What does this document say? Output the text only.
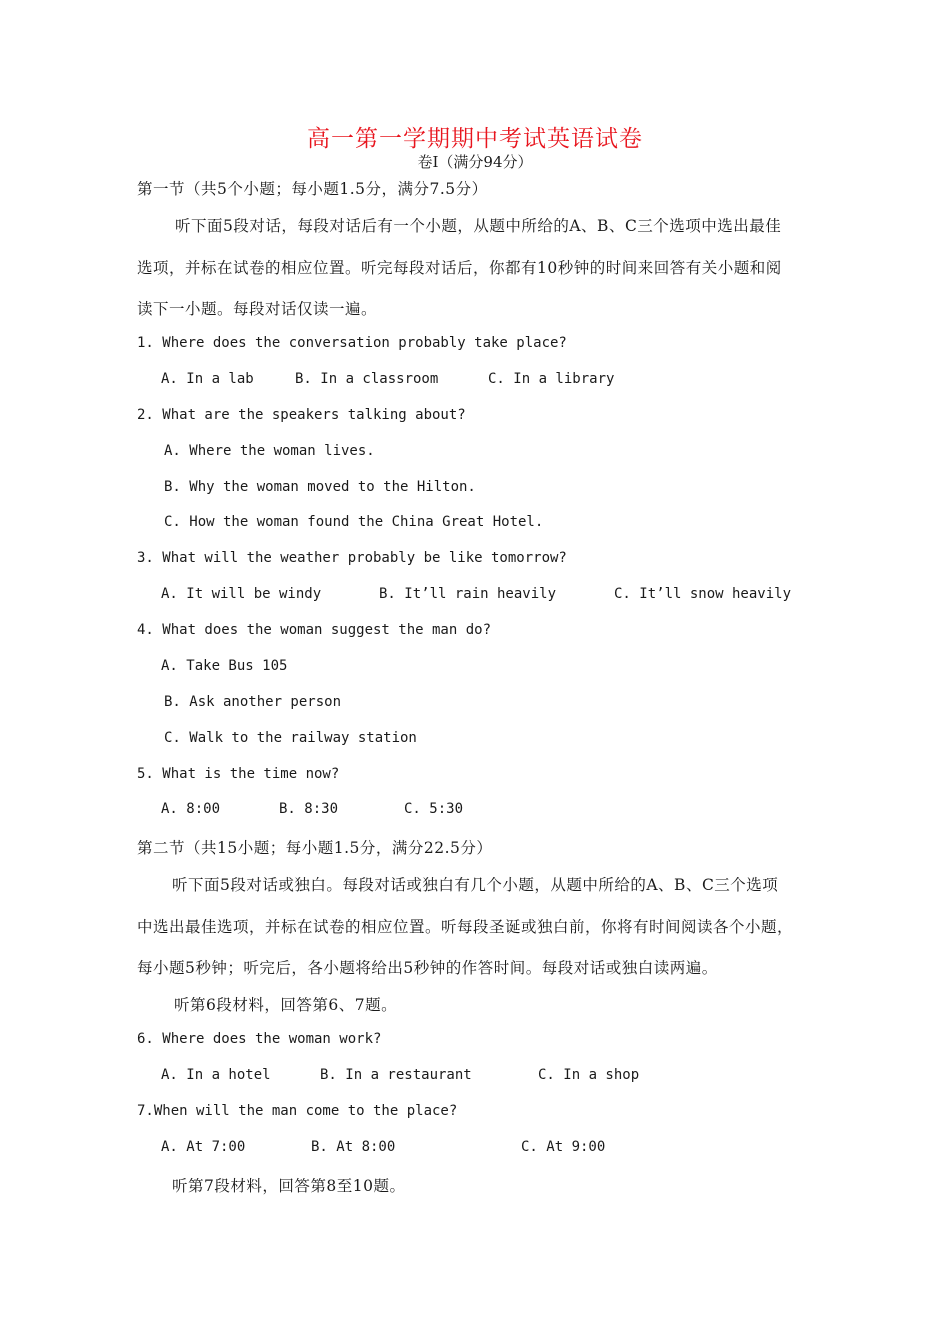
高一第一学期期中考试英语试卷
卷I（满分94分）
第一节（共5个小题；每小题1.5分，满分7.5分）
听下面5段对话，每段对话后有一个小题，从题中所给的A、B、C三个选项中选出最佳
选项，并标在试卷的相应位置。听完每段对话后，你都有10秒钟的时间来回答有关小题和阅
读下一小题。每段对话仅读一遍。
1. Where does the conversation probably take place?
A. In a lab	B. In a classroom	C. In a library
2. What are the speakers talking about?
A. Where the woman lives.
B. Why the woman moved to the Hilton.
C. How the woman found the China Great Hotel.
3. What will the weather probably be like tomorrow?
A. It will be windy	B. It’ll rain heavily	C. It’ll snow heavily
4. What does the woman suggest the man do?
A. Take Bus 105
B. Ask another person
C. Walk to the railway station
5. What is the time now?
A. 8:00	B. 8:30	C. 5:30
第二节（共15小题；每小题1.5分，满分22.5分）
听下面5段对话或独白。每段对话或独白有几个小题，从题中所给的A、B、C三个选项
中选出最佳选项，并标在试卷的相应位置。听每段圣诞或独白前，你将有时间阅读各个小题，
每小题5秒钟；听完后，各小题将给出5秒钟的作答时间。每段对话或独白读两遍。
听第6段材料，回答第6、7题。
6. Where does the woman work?
A. In a hotel	B. In a restaurant	C. In a shop
7.When will the man come to the place?
A. At 7:00	B. At 8:00	C. At 9:00
听第7段材料，回答第8至10题。
